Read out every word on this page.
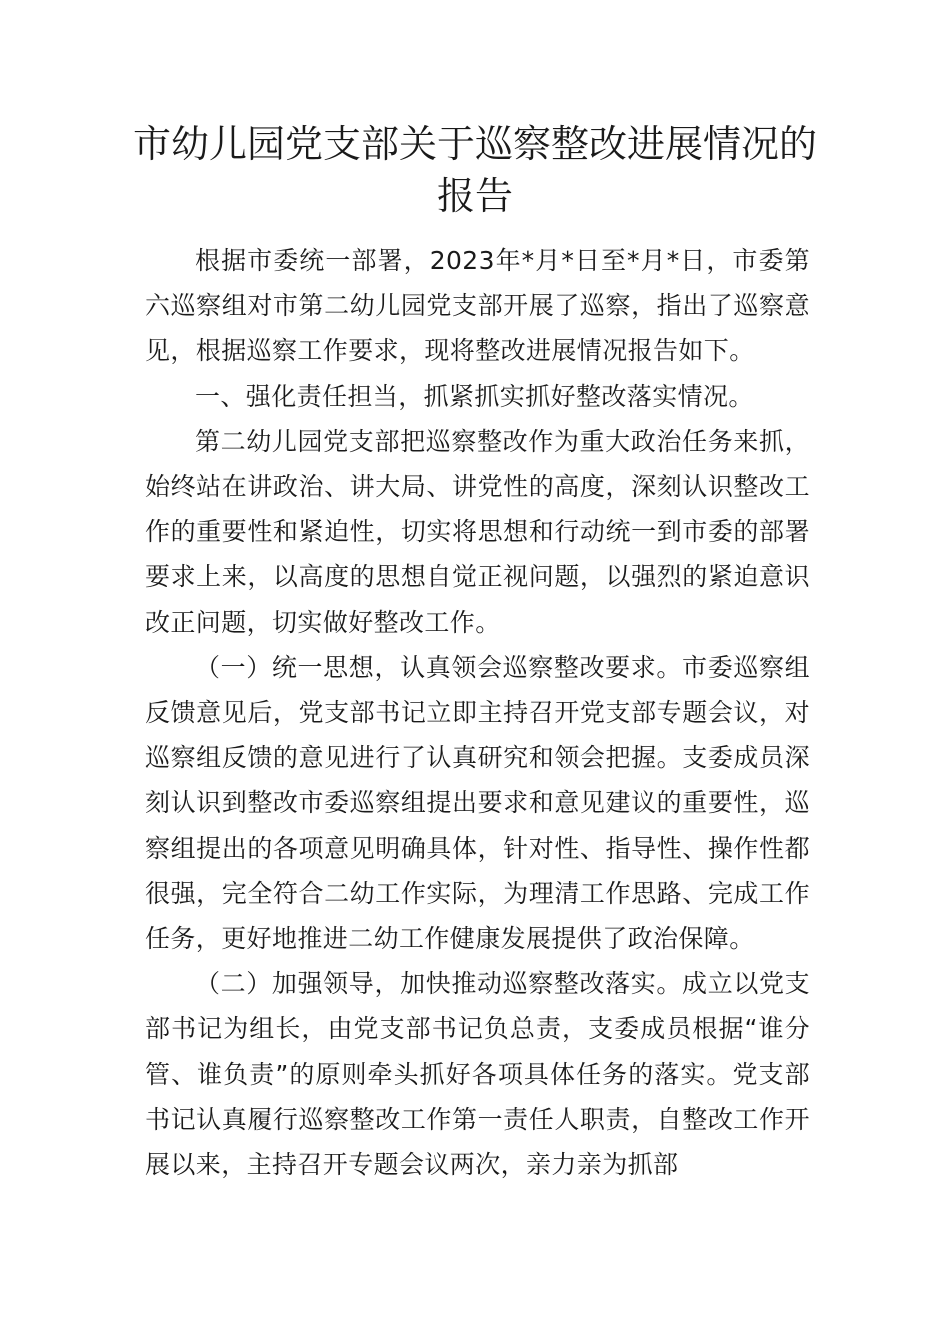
市幼儿园党支部关于巡察整改进展情况的报告

根据市委统一部署，2023年*月*日至*月*日，市委第六巡察组对市第二幼儿园党支部开展了巡察，指出了巡察意见，根据巡察工作要求，现将整改进展情况报告如下。

一、强化责任担当，抓紧抓实抓好整改落实情况。

第二幼儿园党支部把巡察整改作为重大政治任务来抓，始终站在讲政治、讲大局、讲党性的高度，深刻认识整改工作的重要性和紧迫性，切实将思想和行动统一到市委的部署要求上来，以高度的思想自觉正视问题，以强烈的紧迫意识改正问题，切实做好整改工作。

（一）统一思想，认真领会巡察整改要求。市委巡察组反馈意见后，党支部书记立即主持召开党支部专题会议，对巡察组反馈的意见进行了认真研究和领会把握。支委成员深刻认识到整改市委巡察组提出要求和意见建议的重要性，巡察组提出的各项意见明确具体，针对性、指导性、操作性都很强，完全符合二幼工作实际，为理清工作思路、完成工作任务，更好地推进二幼工作健康发展提供了政治保障。

（二）加强领导，加快推动巡察整改落实。成立以党支部书记为组长，由党支部书记负总责，支委成员根据“谁分管、谁负责”的原则牵头抓好各项具体任务的落实。党支部书记认真履行巡察整改工作第一责任人职责，自整改工作开展以来，主持召开专题会议两次，亲力亲为抓部
